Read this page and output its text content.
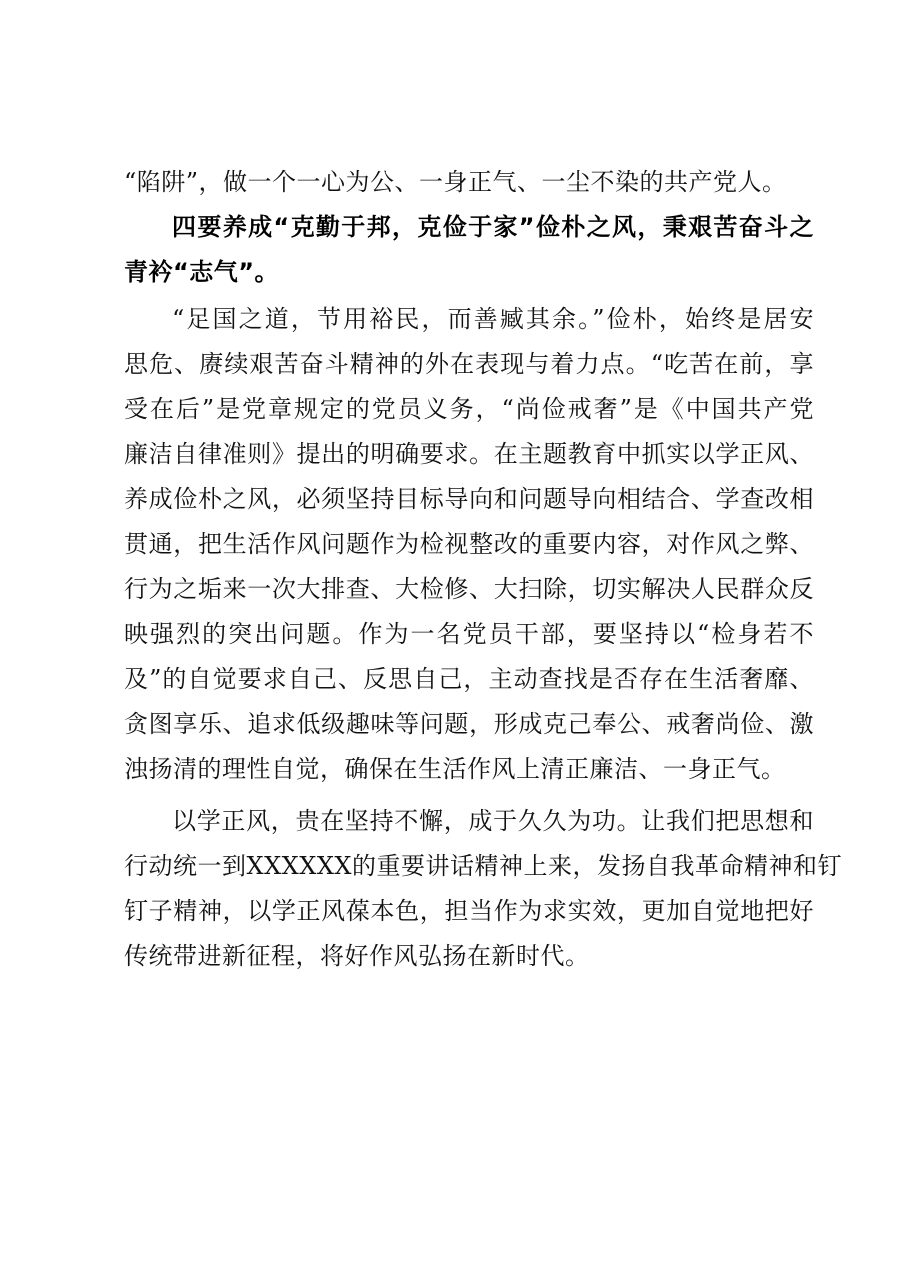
“陷阱”，做一个一心为公、一身正气、一尘不染的共产党人。
四要养成“克勤于邦，克俭于家”俭朴之风，秉艰苦奋斗之
青衿“志气”。
“足国之道，节用裕民，而善臧其余。”俭朴，始终是居安
思危、赓续艰苦奋斗精神的外在表现与着力点。“吃苦在前，享
受在后”是党章规定的党员义务，“尚俭戒奢”是《中国共产党
廉洁自律准则》提出的明确要求。在主题教育中抓实以学正风、
养成俭朴之风，必须坚持目标导向和问题导向相结合、学查改相
贯通，把生活作风问题作为检视整改的重要内容，对作风之弊、
行为之垢来一次大排查、大检修、大扫除，切实解决人民群众反
映强烈的突出问题。作为一名党员干部，要坚持以“检身若不
及”的自觉要求自己、反思自己，主动查找是否存在生活奢靡、
贪图享乐、追求低级趣味等问题，形成克己奉公、戒奢尚俭、激
浊扬清的理性自觉，确保在生活作风上清正廉洁、一身正气。
以学正风，贵在坚持不懈，成于久久为功。让我们把思想和
行动统一到XXXXXX的重要讲话精神上来，发扬自我革命精神和钉
钉子精神，以学正风葆本色，担当作为求实效，更加自觉地把好
传统带进新征程，将好作风弘扬在新时代。
